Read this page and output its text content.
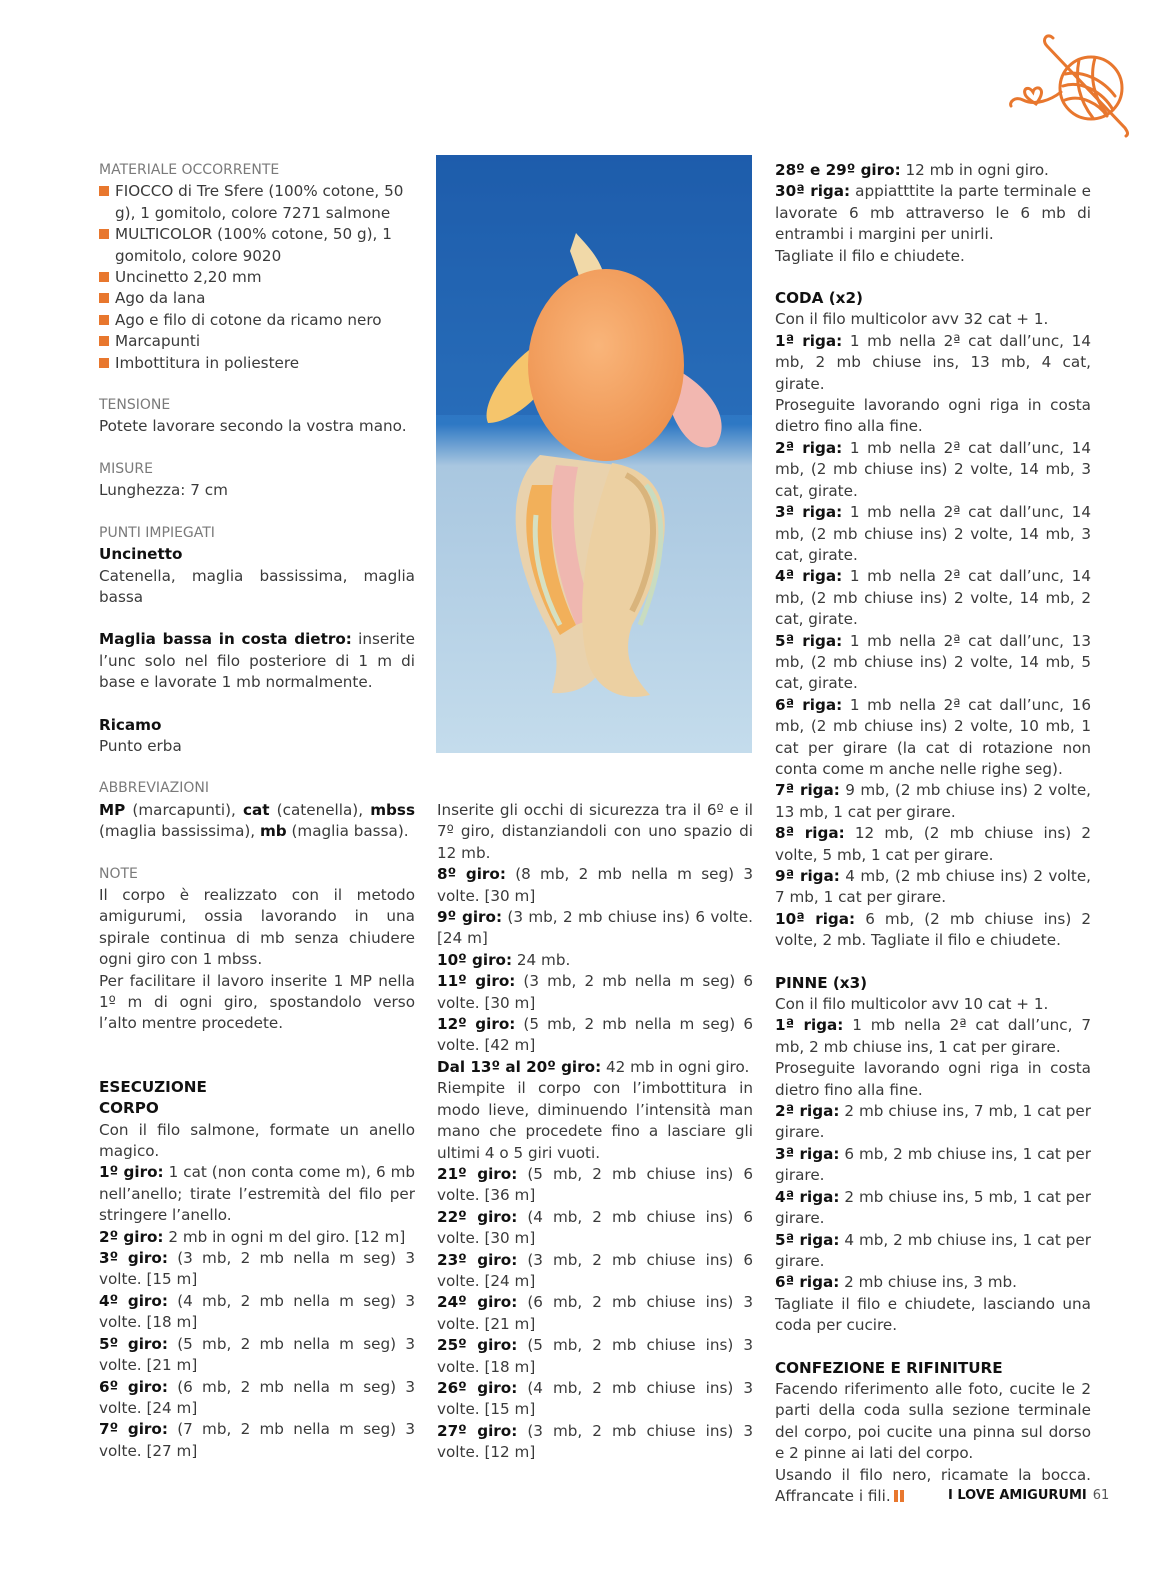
MATERIALE OCCORRENTE
FIOCCO di Tre Sfere (100% cotone, 50 g), 1 gomitolo, colore 7271 salmone
MULTICOLOR (100% cotone, 50 g), 1 gomitolo, colore 9020
Uncinetto 2,20 mm
Ago da lana
Ago e filo di cotone da ricamo nero
Marcapunti
Imbottitura in poliestere
TENSIONE

Potete lavorare secondo la vostra mano.

MISURE

Lunghezza: 7 cm

PUNTI IMPIEGATI
Uncinetto

Catenella, maglia bassissima, maglia bassa

Maglia bassa in costa dietro: inserite l’unc solo nel filo posteriore di 1 m di base e lavorate 1 mb normalmente.

Ricamo

Punto erba

ABBREVIAZIONI

MP (marcapunti), cat (catenella), mbss (maglia bassissima), mb (maglia bassa).

NOTE

Il corpo è realizzato con il metodo amigurumi, ossia lavorando in una spirale continua di mb senza chiudere ogni giro con 1 mbss.

Per facilitare il lavoro inserite 1 MP nella 1º m di ogni giro, spostandolo verso l’alto mentre procedete.

ESECUZIONE
CORPO

Con il filo salmone, formate un anello magico.

1º giro: 1 cat (non conta come m), 6 mb nell’anello; tirate l’estremità del filo per stringere l’anello.

2º giro: 2 mb in ogni m del giro. [12 m]

3º giro: (3 mb, 2 mb nella m seg) 3 volte. [15 m]

4º giro: (4 mb, 2 mb nella m seg) 3 volte. [18 m]

5º giro: (5 mb, 2 mb nella m seg) 3 volte. [21 m]

6º giro: (6 mb, 2 mb nella m seg) 3 volte. [24 m]

7º giro: (7 mb, 2 mb nella m seg) 3 volte. [27 m]

Inserite gli occhi di sicurezza tra il 6º e il 7º giro, distanziandoli con uno spazio di 12 mb.

8º giro: (8 mb, 2 mb nella m seg) 3 volte. [30 m]

9º giro: (3 mb, 2 mb chiuse ins) 6 volte. [24 m]

10º giro: 24 mb.

11º giro: (3 mb, 2 mb nella m seg) 6 volte. [30 m]

12º giro: (5 mb, 2 mb nella m seg) 6 volte. [42 m]

Dal 13º al 20º giro: 42 mb in ogni giro.

Riempite il corpo con l’imbottitura in modo lieve, diminuendo l’intensità man mano che procedete fino a lasciare gli ultimi 4 o 5 giri vuoti.

21º giro: (5 mb, 2 mb chiuse ins) 6 volte. [36 m]

22º giro: (4 mb, 2 mb chiuse ins) 6 volte. [30 m]

23º giro: (3 mb, 2 mb chiuse ins) 6 volte. [24 m]

24º giro: (6 mb, 2 mb chiuse ins) 3 volte. [21 m]

25º giro: (5 mb, 2 mb chiuse ins) 3 volte. [18 m]

26º giro: (4 mb, 2 mb chiuse ins) 3 volte. [15 m]

27º giro: (3 mb, 2 mb chiuse ins) 3 volte. [12 m]

28º e 29º giro: 12 mb in ogni giro.

30ª riga: appiatttite la parte terminale e lavorate 6 mb attraverso le 6 mb di entrambi i margini per unirli.

Tagliate il filo e chiudete.

CODA (x2)

Con il filo multicolor avv 32 cat + 1.

1ª riga: 1 mb nella 2ª cat dall’unc, 14 mb, 2 mb chiuse ins, 13 mb, 4 cat, girate.

Proseguite lavorando ogni riga in costa dietro fino alla fine.

2ª riga: 1 mb nella 2ª cat dall’unc, 14 mb, (2 mb chiuse ins) 2 volte, 14 mb, 3 cat, girate.

3ª riga: 1 mb nella 2ª cat dall’unc, 14 mb, (2 mb chiuse ins) 2 volte, 14 mb, 3 cat, girate.

4ª riga: 1 mb nella 2ª cat dall’unc, 14 mb, (2 mb chiuse ins) 2 volte, 14 mb, 2 cat, girate.

5ª riga: 1 mb nella 2ª cat dall’unc, 13 mb, (2 mb chiuse ins) 2 volte, 14 mb, 5 cat, girate.

6ª riga: 1 mb nella 2ª cat dall’unc, 16 mb, (2 mb chiuse ins) 2 volte, 10 mb, 1 cat per girare (la cat di rotazione non conta come m anche nelle righe seg).

7ª riga: 9 mb, (2 mb chiuse ins) 2 volte, 13 mb, 1 cat per girare.

8ª riga: 12 mb, (2 mb chiuse ins) 2 volte, 5 mb, 1 cat per girare.

9ª riga: 4 mb, (2 mb chiuse ins) 2 volte, 7 mb, 1 cat per girare.

10ª riga: 6 mb, (2 mb chiuse ins) 2 volte, 2 mb. Tagliate il filo e chiudete.

PINNE (x3)

Con il filo multicolor avv 10 cat + 1.

1ª riga: 1 mb nella 2ª cat dall’unc, 7 mb, 2 mb chiuse ins, 1 cat per girare.

Proseguite lavorando ogni riga in costa dietro fino alla fine.

2ª riga: 2 mb chiuse ins, 7 mb, 1 cat per girare.

3ª riga: 6 mb, 2 mb chiuse ins, 1 cat per girare.

4ª riga: 2 mb chiuse ins, 5 mb, 1 cat per girare.

5ª riga: 4 mb, 2 mb chiuse ins, 1 cat per girare.

6ª riga: 2 mb chiuse ins, 3 mb.

Tagliate il filo e chiudete, lasciando una coda per cucire.

CONFEZIONE E RIFINITURE

Facendo riferimento alle foto, cucite le 2 parti della coda sulla sezione terminale del corpo, poi cucite una pinna sul dorso e 2 pinne ai lati del corpo.

Usando il filo nero, ricamate la bocca. Affrancate i fili.	I LOVE AMIGURUMI 61
